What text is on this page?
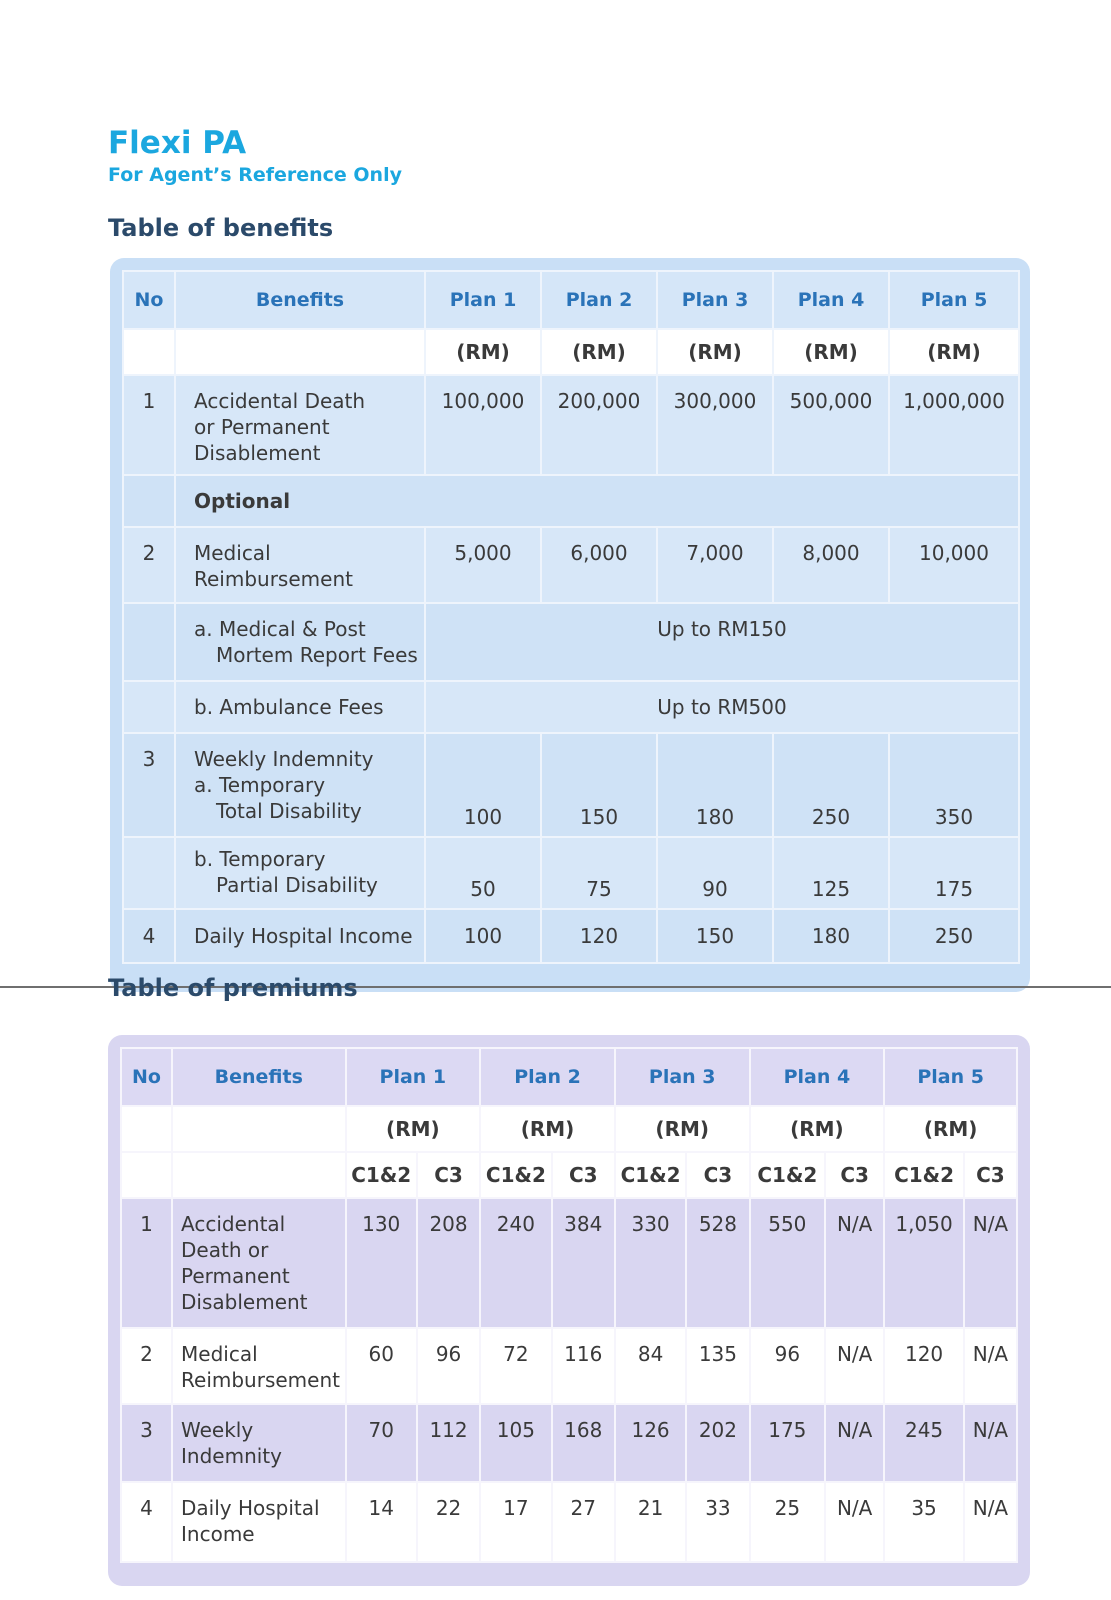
Flexi PA
For Agent’s Reference Only
Table of benefits
No	Benefits	Plan 1	Plan 2	Plan 3	Plan 4	Plan 5
		(RM)	(RM)	(RM)	(RM)	(RM)
1	Accidental Death
or Permanent
Disablement	100,000	200,000	300,000	500,000	1,000,000
	Optional					
2	Medical
Reimbursement	5,000	6,000	7,000	8,000	10,000

	a. Medical & Post
Mortem Report Fees	Up to RM150				
	b. Ambulance Fees	Up to RM500				
3	Weekly Indemnity
a. Temporary
Total Disability	100	150	180	250	350

	b. Temporary
Partial Disability	50	75	90	125	175
4	Daily Hospital Income	100	120	150	180	250
Table of premiums
No	Benefits	Plan 1		Plan 2		Plan 3		Plan 4		Plan 5	
		(RM)		(RM)		(RM)		(RM)		(RM)	
		C1&2	C3	C1&2	C3	C1&2	C3	C1&2	C3	C1&2	C3
1	Accidental
Death or
Permanent
Disablement	130	208	240	384	330	528	550	N/A	1,050	N/A
2	Medical
Reimbursement	60	96	72	116	84	135	96	N/A	120	N/A
3	Weekly
Indemnity	70	112	105	168	126	202	175	N/A	245	N/A
4	Daily Hospital
Income	14	22	17	27	21	33	25	N/A	35	N/A
